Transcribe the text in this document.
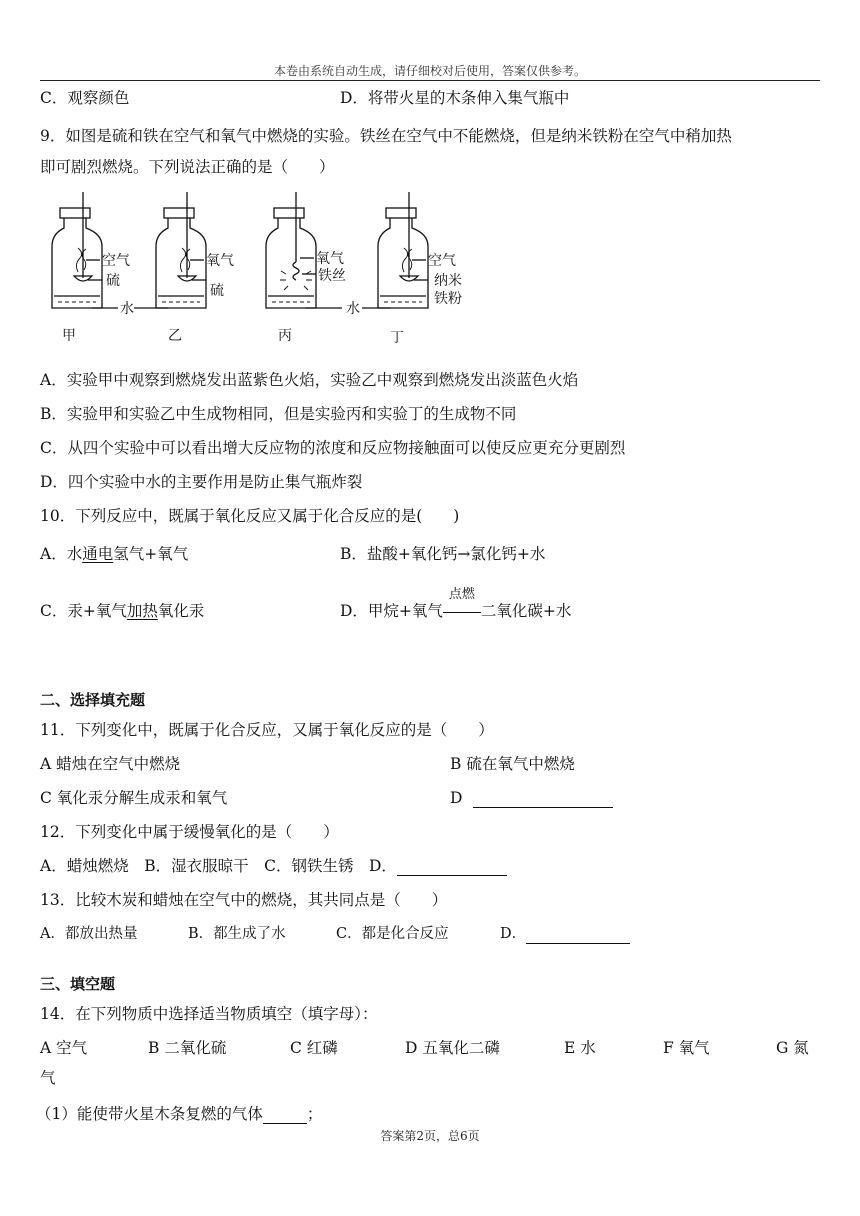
本卷由系统自动生成，请仔细校对后使用，答案仅供参考。
C．观察颜色	D．将带火星的木条伸入集气瓶中
9．如图是硫和铁在空气和氧气中燃烧的实验。铁丝在空气中不能燃烧，但是纳米铁粉在空气中稍加热
即可剧烈燃烧。下列说法正确的是（　　）
空气
硫
水
甲
氧气
硫
乙
氧气
铁丝
水
丙
空气
纳米
铁粉
丁
A．实验甲中观察到燃烧发出蓝紫色火焰，实验乙中观察到燃烧发出淡蓝色火焰
B．实验甲和实验乙中生成物相同，但是实验丙和实验丁的生成物不同
C．从四个实验中可以看出增大反应物的浓度和反应物接触面可以使反应更充分更剧烈
D．四个实验中水的主要作用是防止集气瓶炸裂
10．下列反应中，既属于氧化反应又属于化合反应的是(　　)
A．水通电氢气+氧气	B．盐酸+氧化钙→氯化钙+水
C．汞+氧气加热氧化汞	D．甲烷+氧气
点燃
二氧化碳+水
二、选择填充题
11．下列变化中，既属于化合反应，又属于氧化反应的是（　　）
A 蜡烛在空气中燃烧	B 硫在氧气中燃烧
C 氧化汞分解生成汞和氧气	D
12．下列变化中属于缓慢氧化的是（　　）
A．蜡烛燃烧　B．湿衣服晾干　C．钢铁生锈　D．
13．比较木炭和蜡烛在空气中的燃烧，其共同点是（　　）
A．都放出热量	B．都生成了水	C．都是化合反应	D．
三、填空题
14．在下列物质中选择适当物质填空（填字母）：
A 空气	B 二氧化硫	C 红磷	D 五氧化二磷	E 水	F 氧气	G 氮
气
（1）能使带火星木条复燃的气体	；
答案第2页，总6页
